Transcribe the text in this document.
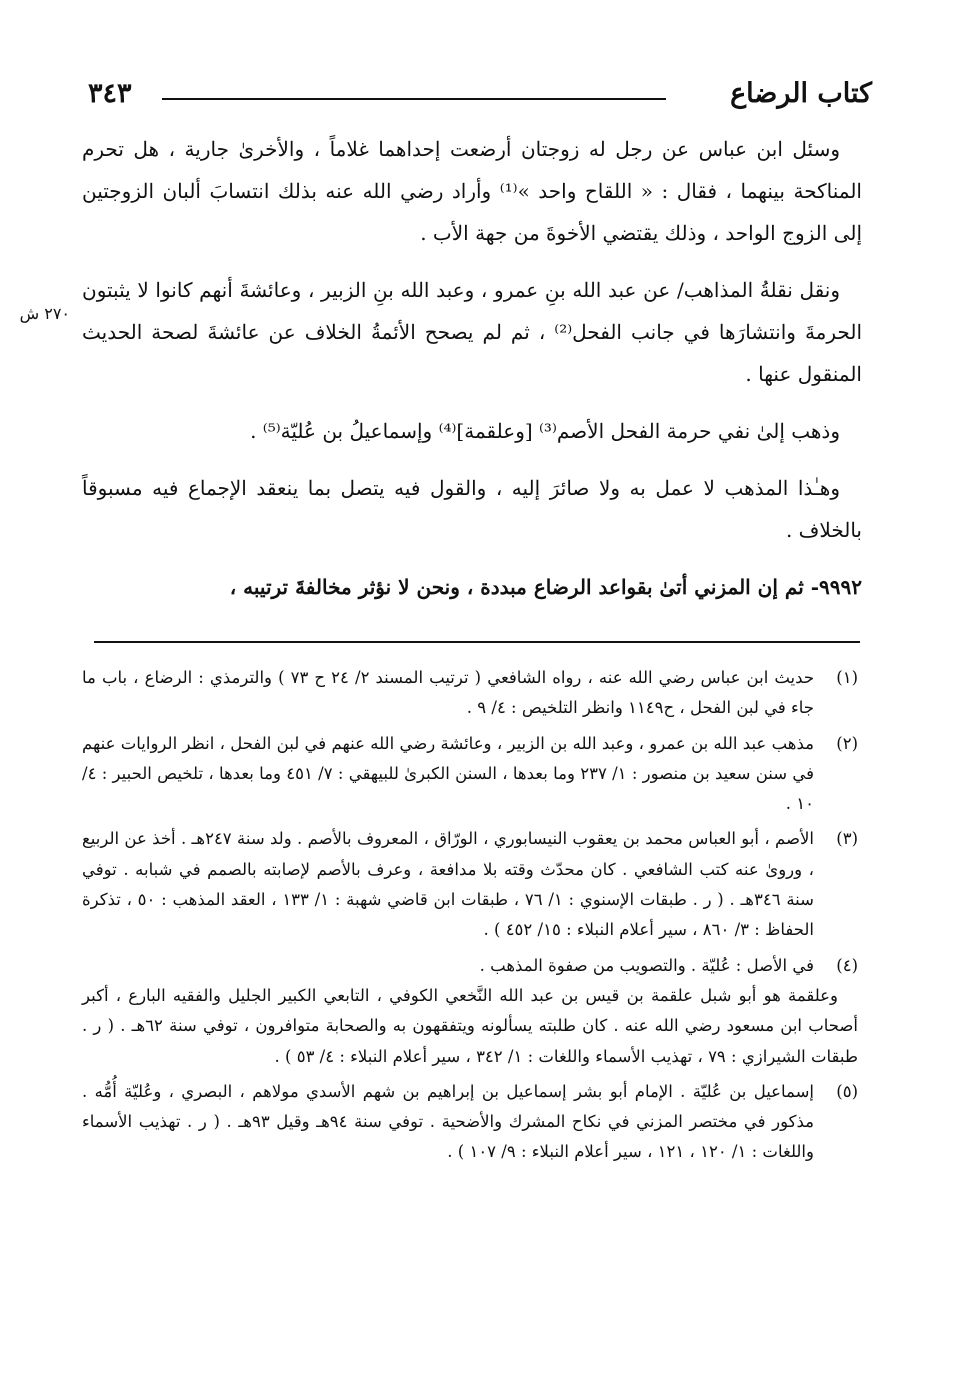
كتاب الرضاع
٣٤٣
٢٧٠ ش

وسئل ابن عباس عن رجل له زوجتان أرضعت إحداهما غلاماً ، والأخرىٰ جارية ، هل تحرم المناكحة بينهما ، فقال : « اللقاح واحد »⁽¹⁾ وأراد رضي الله عنه بذلك انتسابَ ألبان الزوجتين إلى الزوج الواحد ، وذلك يقتضي الأخوةَ من جهة الأب .

ونقل نقلةُ المذاهب/ عن عبد الله بنِ عمرو ، وعبد الله بنِ الزبير ، وعائشةَ أنهم كانوا لا يثبتون الحرمةَ وانتشارَها في جانب الفحل⁽²⁾ ، ثم لم يصحح الأئمةُ الخلاف عن عائشةَ لصحة الحديث المنقول عنها .

وذهب إلىٰ نفي حرمة الفحل الأصم⁽³⁾ [وعلقمة]⁽⁴⁾ وإسماعيلُ بن عُليّة⁽⁵⁾ .

وهـٰذا المذهب لا عمل به ولا صائرَ إليه ، والقول فيه يتصل بما ينعقد الإجماع فيه مسبوقاً بالخلاف .

٩٩٩٢- ثم إن المزني أتىٰ بقواعد الرضاع مبددة ، ونحن لا نؤثر مخالفةَ ترتيبه ،

(١)

حديث ابن عباس رضي الله عنه ، رواه الشافعي ( ترتيب المسند ٢/ ٢٤ ح ٧٣ ) والترمذي : الرضاع ، باب ما جاء في لبن الفحل ، ح١١٤٩ وانظر التلخيص : ٤/ ٩ .

(٢)

مذهب عبد الله بن عمرو ، وعبد الله بن الزبير ، وعائشة رضي الله عنهم في لبن الفحل ، انظر الروايات عنهم في سنن سعيد بن منصور : ١/ ٢٣٧ وما بعدها ، السنن الكبرىٰ للبيهقي : ٧/ ٤٥١ وما بعدها ، تلخيص الحبير : ٤/ ١٠ .

(٣)

الأصم ، أبو العباس محمد بن يعقوب النيسابوري ، الورّاق ، المعروف بالأصم . ولد سنة ٢٤٧هـ . أخذ عن الربيع ، وروىٰ عنه كتب الشافعي . كان محدّث وقته بلا مدافعة ، وعرف بالأصم لإصابته بالصمم في شبابه . توفي سنة ٣٤٦هـ . ( ر . طبقات الإسنوي : ١/ ٧٦ ، طبقات ابن قاضي شهبة : ١/ ١٣٣ ، العقد المذهب : ٥٠ ، تذكرة الحفاظ : ٣/ ٨٦٠ ، سير أعلام النبلاء : ١٥/ ٤٥٢ ) .

(٤)

في الأصل : عُليّة . والتصويب من صفوة المذهب .

وعلقمة هو أبو شبل علقمة بن قيس بن عبد الله النَّخعي الكوفي ، التابعي الكبير الجليل والفقيه البارع ، أكبر أصحاب ابن مسعود رضي الله عنه . كان طلبته يسألونه ويتفقهون به والصحابة متوافرون ، توفي سنة ٦٢هـ . ( ر . طبقات الشيرازي : ٧٩ ، تهذيب الأسماء واللغات : ١/ ٣٤٢ ، سير أعلام النبلاء : ٤/ ٥٣ ) .

(٥)

إسماعيل بن عُليّة . الإمام أبو بشر إسماعيل بن إبراهيم بن شهم الأسدي مولاهم ، البصري ، وعُليّة أُمُّه . مذكور في مختصر المزني في نكاح المشرك والأضحية . توفي سنة ٩٤هـ وقيل ٩٣هـ . ( ر . تهذيب الأسماء واللغات : ١/ ١٢٠ ، ١٢١ ، سير أعلام النبلاء : ٩/ ١٠٧ ) .
